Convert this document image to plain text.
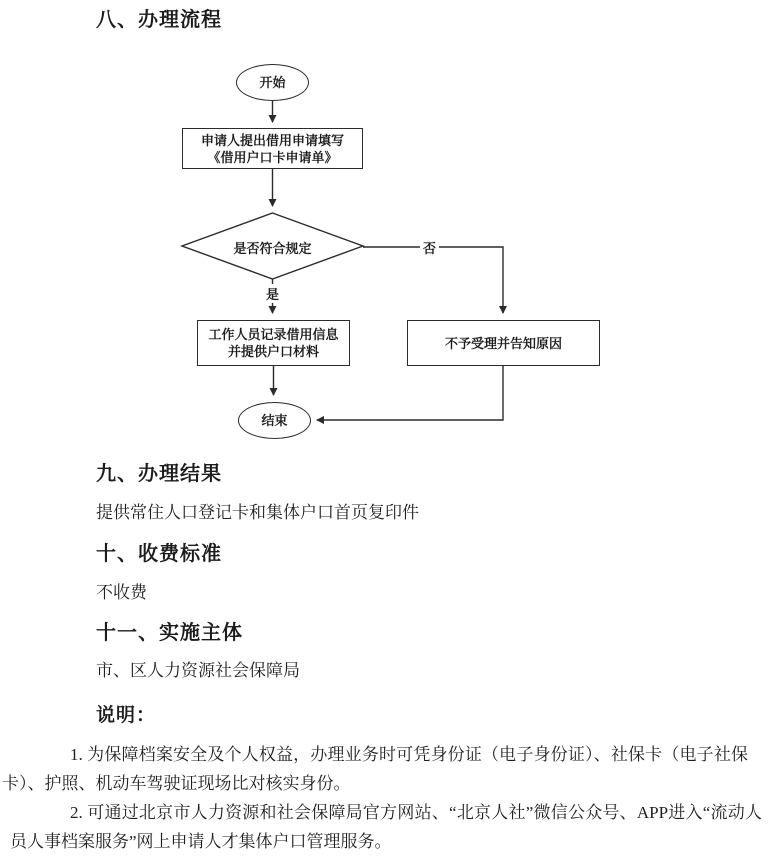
八、办理流程
开始
申请人提出借用申请填写
《借用户口卡申请单》
是否符合规定	否
是
工作人员记录借用信息
并提供户口材料
不予受理并告知原因
结束
九、办理结果
提供常住人口登记卡和集体户口首页复印件
十、收费标准
不收费
十一、实施主体
市、区人力资源社会保障局
说明：
1. 为保障档案安全及个人权益，办理业务时可凭身份证（电子身份证）、社保卡（电子社保卡）、护照、机动车驾驶证现场比对核实身份。
2. 可通过北京市人力资源和社会保障局官方网站、“北京人社”微信公众号、APP进入“流动人员人事档案服务”网上申请人才集体户口管理服务。
